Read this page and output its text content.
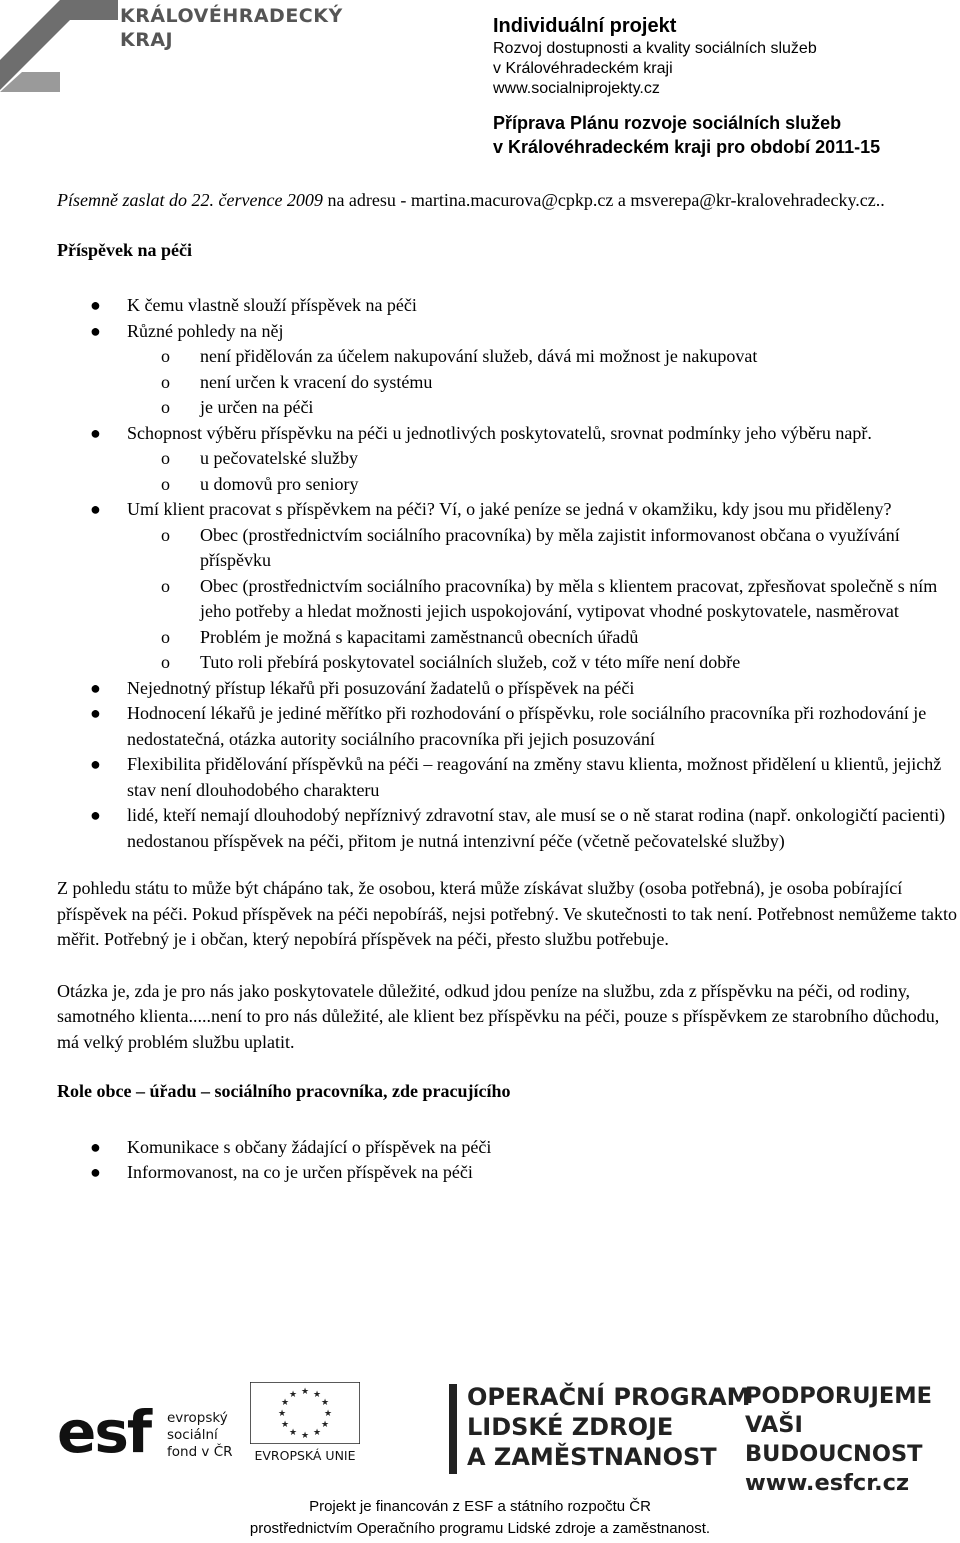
KRÁLOVÉHRADECKÝ
KRAJ
Individuální projekt
Rozvoj dostupnosti a kvality sociálních služeb
v Královéhradeckém kraji
www.socialniprojekty.cz
Příprava Plánu rozvoje sociálních služeb
v Královéhradeckém kraji pro období 2011-15
Písemně zaslat do 22. července 2009 na adresu - martina.macurova@cpkp.cz a msverepa@kr-kralovehradecky.cz..
Příspěvek na péči
● K čemu vlastně slouží příspěvek na péči
● Různé pohledy na něj
o	není přidělován za účelem nakupování služeb, dává mi možnost je nakupovat
o	není určen k vracení do systému
o	je určen na péči
● Schopnost výběru příspěvku na péči u jednotlivých poskytovatelů, srovnat podmínky jeho výběru např.
o	u pečovatelské služby
o	u domovů pro seniory
● Umí klient pracovat s příspěvkem na péči? Ví, o jaké peníze se jedná v okamžiku, kdy jsou mu přiděleny?
o	Obec (prostřednictvím sociálního pracovníka) by měla zajistit informovanost občana o využívání příspěvku
o	Obec (prostřednictvím sociálního pracovníka) by měla s klientem pracovat, zpřesňovat společně s ním jeho potřeby a hledat možnosti jejich uspokojování, vytipovat vhodné poskytovatele, nasměrovat
o	Problém je možná s kapacitami zaměstnanců obecních úřadů
o	Tuto roli přebírá poskytovatel sociálních služeb, což v této míře není dobře
● Nejednotný přístup lékařů při posuzování žadatelů o příspěvek na péči
● Hodnocení lékařů je jediné měřítko při rozhodování o příspěvku, role sociálního pracovníka při rozhodování je nedostatečná, otázka autority sociálního pracovníka při jejich posuzování
● Flexibilita přidělování příspěvků na péči – reagování na změny stavu klienta, možnost přidělení u klientů, jejichž stav není dlouhodobého charakteru
● lidé, kteří nemají dlouhodobý nepříznivý zdravotní stav, ale musí se o ně starat rodina (např. onkologičtí pacienti) nedostanou příspěvek na péči, přitom je nutná intenzivní péče (včetně pečovatelské služby)
Z pohledu státu to může být chápáno tak, že osobou, která může získávat služby (osoba potřebná), je osoba pobírající příspěvek na péči. Pokud příspěvek na péči nepobíráš, nejsi potřebný. Ve skutečnosti to tak není. Potřebnost nemůžeme takto měřit. Potřebný je i občan, který nepobírá příspěvek na péči, přesto službu potřebuje.
Otázka je, zda je pro nás jako poskytovatele důležité, odkud jdou peníze na službu, zda z příspěvku na péči, od rodiny, samotného klienta.....není to pro nás důležité, ale klient bez příspěvku na péči, pouze s příspěvkem ze starobního důchodu, má velký problém službu uplatit.
Role obce – úřadu – sociálního pracovníka, zde pracujícího
● Komunikace s občany žádající o příspěvek na péči
● Informovanost, na co je určen příspěvek na péči
esf evropský
sociální
fond v ČR
★ ★
★
★
★
★
★
★
★
★
★
★
EVROPSKÁ UNIE
OPERAČNÍ PROGRAM
LIDSKÉ ZDROJE
A ZAMĚSTNANOST
PODPORUJEME
VAŠI BUDOUCNOST
www.esfcr.cz
Projekt je financován z ESF a státního rozpočtu ČR
prostřednictvím Operačního programu Lidské zdroje a zaměstnanost.
